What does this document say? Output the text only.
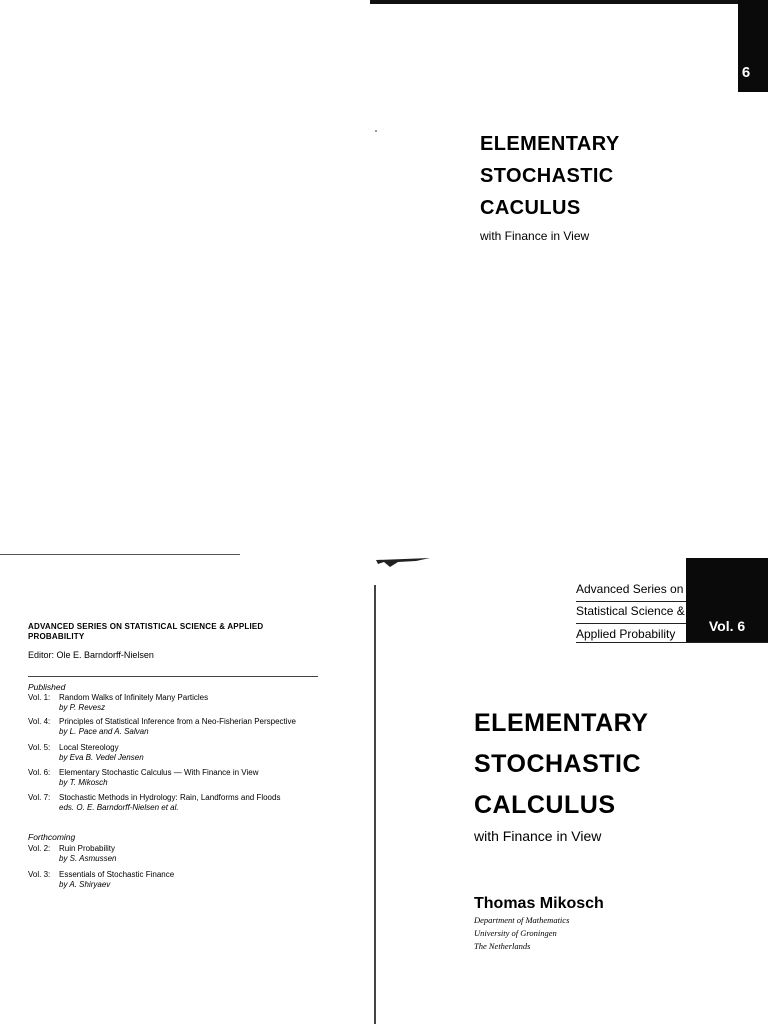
6
ELEMENTARY
STOCHASTIC
CACULUS
with Finance in View
ADVANCED SERIES ON STATISTICAL SCIENCE & APPLIED PROBABILITY
Editor: Ole E. Barndorff-Nielsen
Published
Vol. 1: Random Walks of Infinitely Many Particles
by P. Revesz
Vol. 4: Principles of Statistical Inference from a Neo-Fisherian Perspective
by L. Pace and A. Salvan
Vol. 5: Local Stereology
by Eva B. Vedel Jensen
Vol. 6: Elementary Stochastic Calculus — With Finance in View
by T. Mikosch
Vol. 7: Stochastic Methods in Hydrology: Rain, Landforms and Floods
eds. O. E. Barndorff-Nielsen et al.
Forthcoming
Vol. 2: Ruin Probability
by S. Asmussen
Vol. 3: Essentials of Stochastic Finance
by A. Shiryaev
Advanced Series on
Statistical Science &
Applied Probability	Vol. 6
ELEMENTARY
STOCHASTIC
CALCULUS
with Finance in View
Thomas Mikosch
Department of Mathematics
University of Groningen
The Netherlands
